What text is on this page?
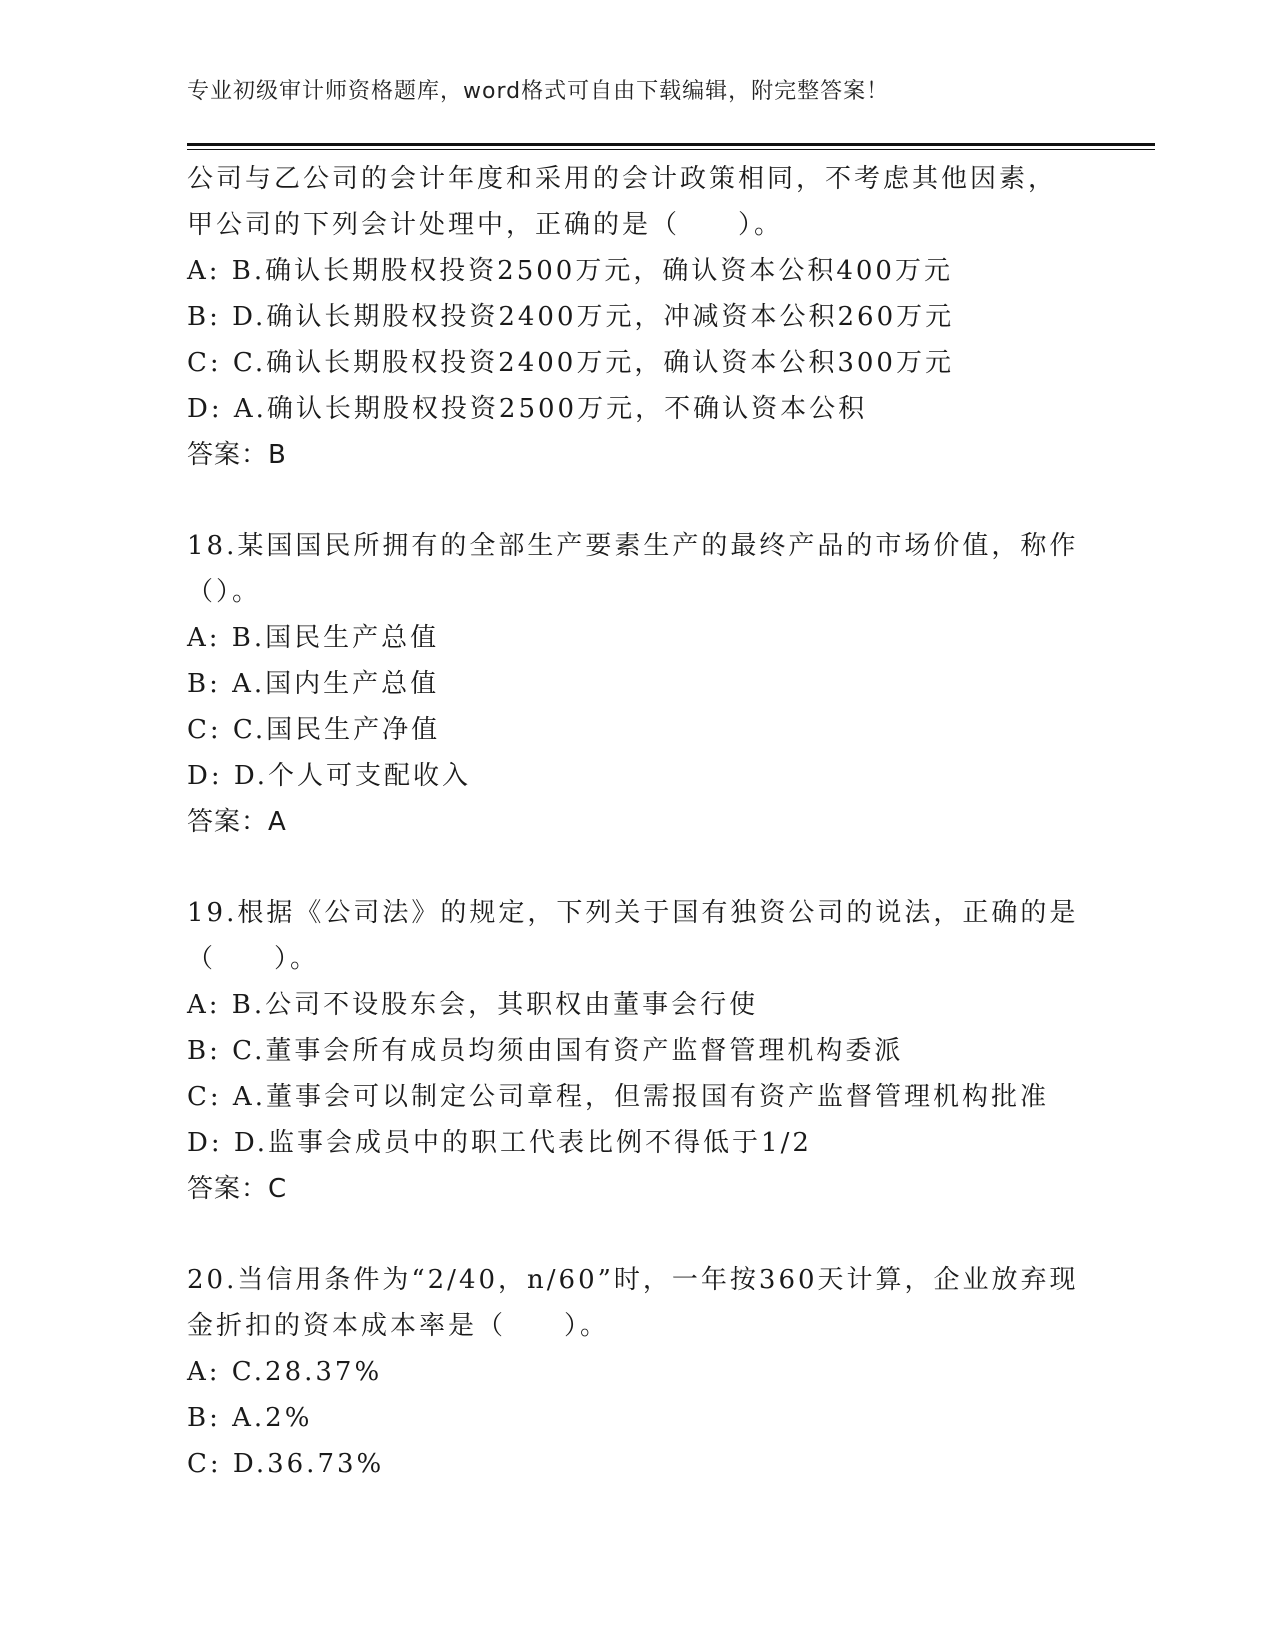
专业初级审计师资格题库，word格式可自由下载编辑，附完整答案！
公司与乙公司的会计年度和采用的会计政策相同，不考虑其他因素，
甲公司的下列会计处理中，正确的是（　　）。
A: B.确认长期股权投资2500万元，确认资本公积400万元
B: D.确认长期股权投资2400万元，冲减资本公积260万元
C: C.确认长期股权投资2400万元，确认资本公积300万元
D: A.确认长期股权投资2500万元，不确认资本公积
答案：B
18.某国国民所拥有的全部生产要素生产的最终产品的市场价值，称作
（）。
A: B.国民生产总值
B: A.国内生产总值
C: C.国民生产净值
D: D.个人可支配收入
答案：A
19.根据《公司法》的规定，下列关于国有独资公司的说法，正确的是
（　　）。
A: B.公司不设股东会，其职权由董事会行使
B: C.董事会所有成员均须由国有资产监督管理机构委派
C: A.董事会可以制定公司章程，但需报国有资产监督管理机构批准
D: D.监事会成员中的职工代表比例不得低于1/2
答案：C
20.当信用条件为“2/40，n/60”时，一年按360天计算，企业放弃现
金折扣的资本成本率是（　　）。
A: C.28.37%
B: A.2%
C: D.36.73%
